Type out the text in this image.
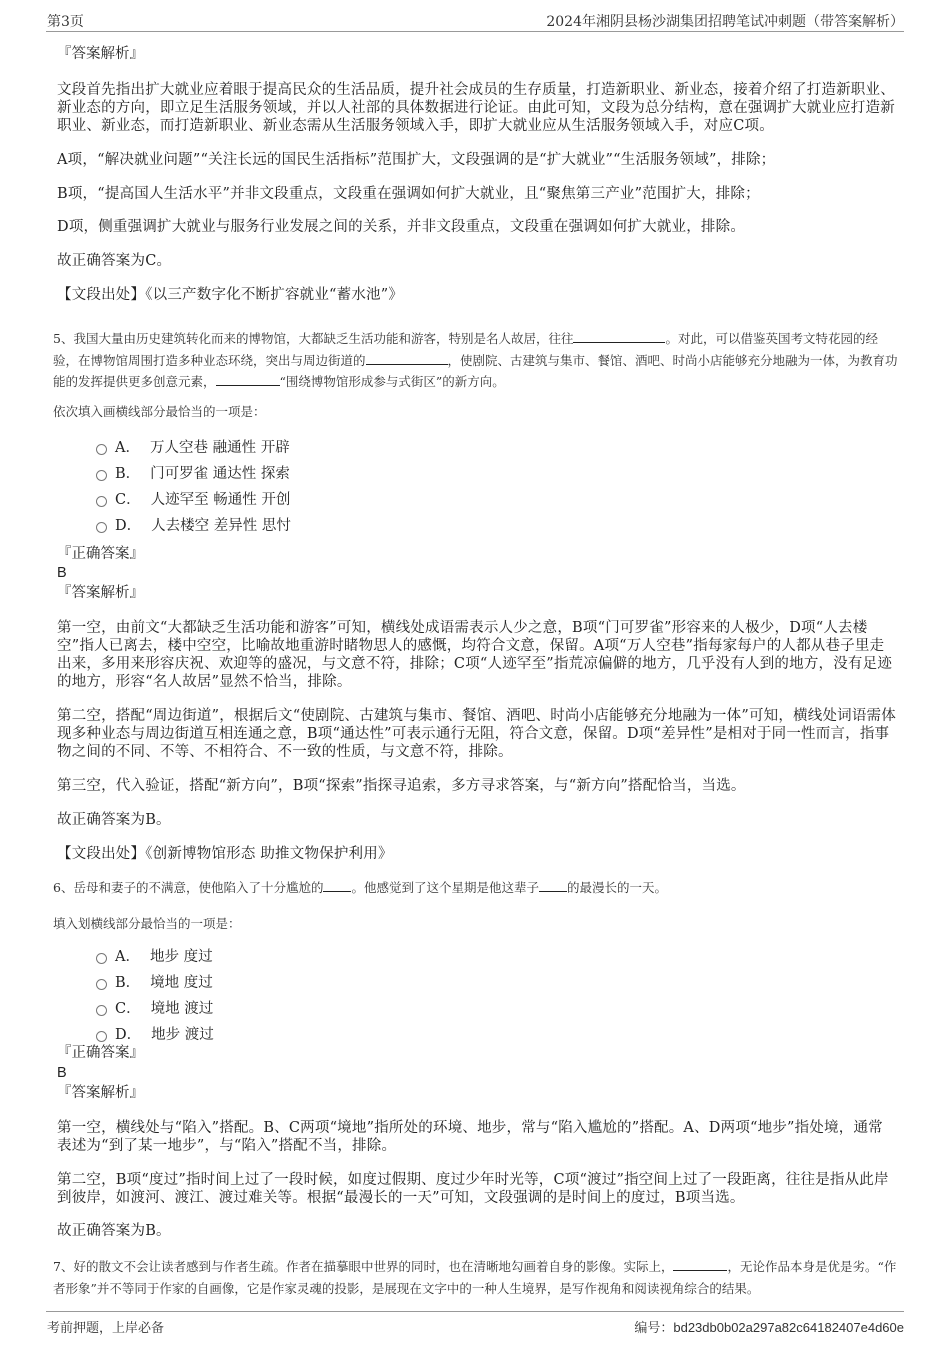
第3页	2024年湘阴县杨沙湖集团招聘笔试冲刺题（带答案解析）

『答案解析』

文段首先指出扩大就业应着眼于提高民众的生活品质，提升社会成员的生存质量，打造新职业、新业态，接着介绍了打造新职业、新业态的方向，即立足生活服务领域，并以人社部的具体数据进行论证。由此可知，文段为总分结构，意在强调扩大就业应打造新职业、新业态，而打造新职业、新业态需从生活服务领域入手，即扩大就业应从生活服务领域入手，对应C项。

A项，“解决就业问题”“关注长远的国民生活指标”范围扩大，文段强调的是“扩大就业”“生活服务领域”，排除；

B项，“提高国人生活水平”并非文段重点，文段重在强调如何扩大就业，且“聚焦第三产业”范围扩大，排除；

D项，侧重强调扩大就业与服务行业发展之间的关系，并非文段重点，文段重在强调如何扩大就业，排除。

故正确答案为C。

【文段出处】《以三产数字化不断扩容就业“蓄水池”》

5、我国大量由历史建筑转化而来的博物馆，大都缺乏生活功能和游客，特别是名人故居，往往	。对此，可以借鉴英国考文特花园的经验，在博物馆周围打造多种业态环绕，突出与周边街道的	，使剧院、古建筑与集市、餐馆、酒吧、时尚小店能够充分地融为一体，为教育功能的发挥提供更多创意元素，	“围绕博物馆形成参与式街区”的新方向。

依次填入画横线部分最恰当的一项是：

A． 万人空巷 融通性 开辟
B． 门可罗雀 通达性 探索
C． 人迹罕至 畅通性 开创
D． 人去楼空 差异性 思忖

『正确答案』

B

『答案解析』

第一空，由前文“大都缺乏生活功能和游客”可知，横线处成语需表示人少之意，B项“门可罗雀”形容来的人极少，D项“人去楼空”指人已离去，楼中空空，比喻故地重游时睹物思人的感慨，均符合文意，保留。A项“万人空巷”指每家每户的人都从巷子里走出来，多用来形容庆祝、欢迎等的盛况，与文意不符，排除；C项“人迹罕至”指荒凉偏僻的地方，几乎没有人到的地方，没有足迹的地方，形容“名人故居”显然不恰当，排除。

第二空，搭配“周边街道”，根据后文“使剧院、古建筑与集市、餐馆、酒吧、时尚小店能够充分地融为一体”可知，横线处词语需体现多种业态与周边街道互相连通之意，B项“通达性”可表示通行无阻，符合文意，保留。D项“差异性”是相对于同一性而言，指事物之间的不同、不等、不相符合、不一致的性质，与文意不符，排除。

第三空，代入验证，搭配“新方向”，B项“探索”指探寻追索，多方寻求答案，与“新方向”搭配恰当，当选。

故正确答案为B。

【文段出处】《创新博物馆形态 助推文物保护利用》

6、岳母和妻子的不满意，使他陷入了十分尴尬的 。他感觉到了这个星期是他这辈子 的最漫长的一天。

填入划横线部分最恰当的一项是：

A． 地步 度过
B． 境地 度过
C． 境地 渡过
D． 地步 渡过

『正确答案』

B

『答案解析』

第一空，横线处与“陷入”搭配。B、C两项“境地”指所处的环境、地步，常与“陷入尴尬的”搭配。A、D两项“地步”指处境，通常表述为“到了某一地步”，与“陷入”搭配不当，排除。

第二空，B项“度过”指时间上过了一段时候，如度过假期、度过少年时光等，C项“渡过”指空间上过了一段距离，往往是指从此岸到彼岸，如渡河、渡江、渡过难关等。根据“最漫长的一天”可知，文段强调的是时间上的度过，B项当选。

故正确答案为B。

7、好的散文不会让读者感到与作者生疏。作者在描摹眼中世界的同时，也在清晰地勾画着自身的影像。实际上，	，无论作品本身是优是劣。“作者形象”并不等同于作家的自画像，它是作家灵魂的投影，是展现在文字中的一种人生境界，是写作视角和阅读视角综合的结果。

考前押题，上岸必备	编号：bd23db0b02a297a82c64182407e4d60e
